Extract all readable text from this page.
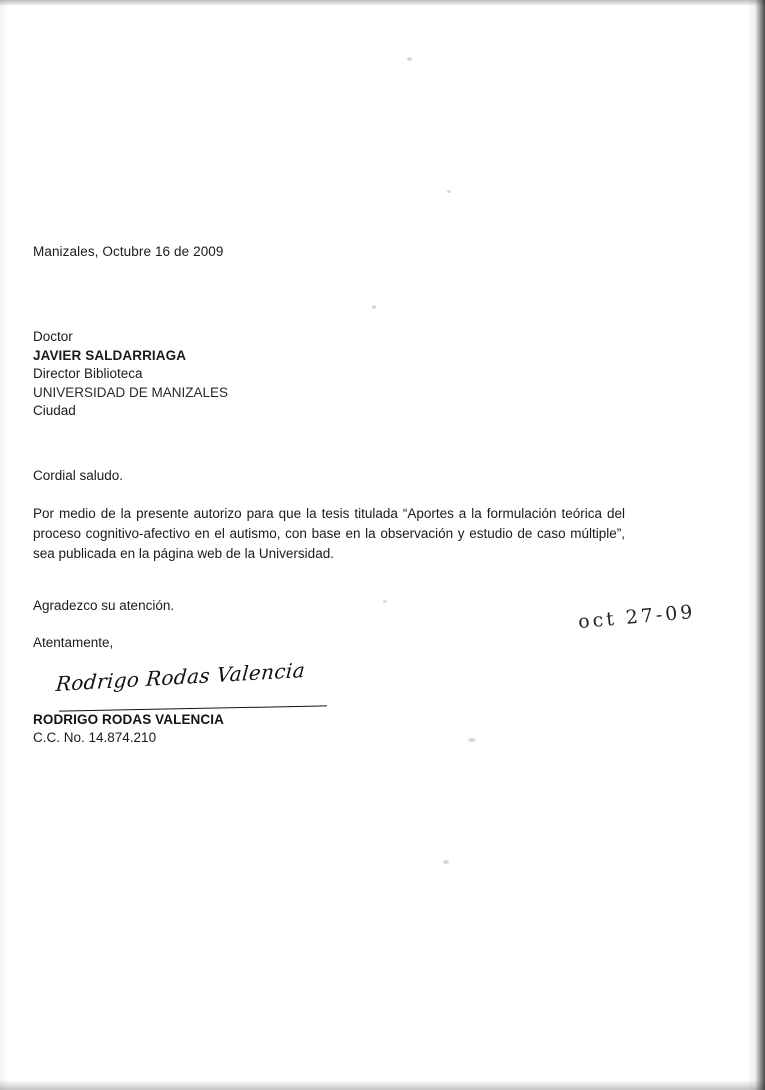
Manizales, Octubre 16 de 2009
Doctor
JAVIER SALDARRIAGA
Director Biblioteca
UNIVERSIDAD DE MANIZALES
Ciudad
Cordial saludo.
Por medio de la presente autorizo para que la tesis titulada “Aportes a la formulación teórica del proceso cognitivo-afectivo en el autismo, con base en la observación y estudio de caso múltiple”, sea publicada en la página web de la Universidad.
Agradezco su atención.
Atentamente,
Rodrigo Rodas Valencia
RODRIGO RODAS VALENCIA
C.C. No. 14.874.210
oct 27-09
